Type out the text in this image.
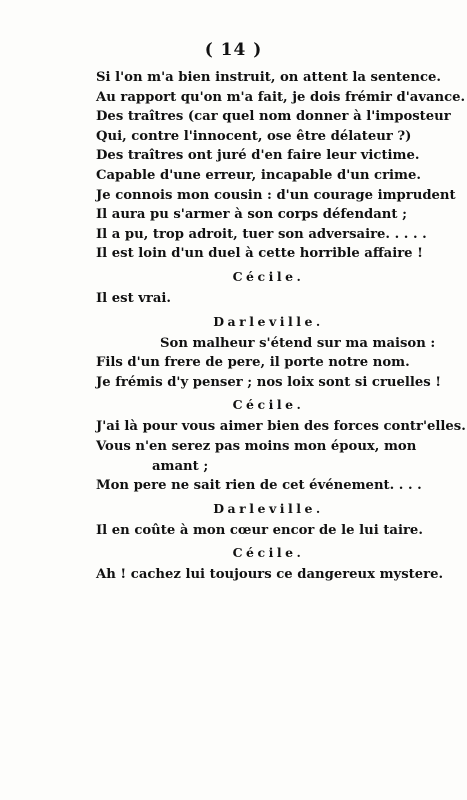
( 14 )
Si l'on m'a bien instruit, on attent la sentence.
Au rapport qu'on m'a fait, je dois frémir d'avance.
Des traîtres (car quel nom donner à l'imposteur
Qui, contre l'innocent, ose être délateur ?)
Des traîtres ont juré d'en faire leur victime.
Capable d'une erreur, incapable d'un crime.
Je connois mon cousin : d'un courage imprudent
Il aura pu s'armer à son corps défendant ;
Il a pu, trop adroit, tuer son adversaire. . . . .
Il est loin d'un duel à cette horrible affaire !
Cécile.
Il est vrai.
Darleville.
Son malheur s'étend sur ma maison :
Fils d'un frere de pere, il porte notre nom.
Je frémis d'y penser ; nos loix sont si cruelles !
Cécile.
J'ai là pour vous aimer bien des forces contr'elles.
Vous n'en serez pas moins mon époux, mon
amant ;
Mon pere ne sait rien de cet événement. . . .
Darleville.
Il en coûte à mon cœur encor de le lui taire.
Cécile.
Ah ! cachez lui toujours ce dangereux mystere.
